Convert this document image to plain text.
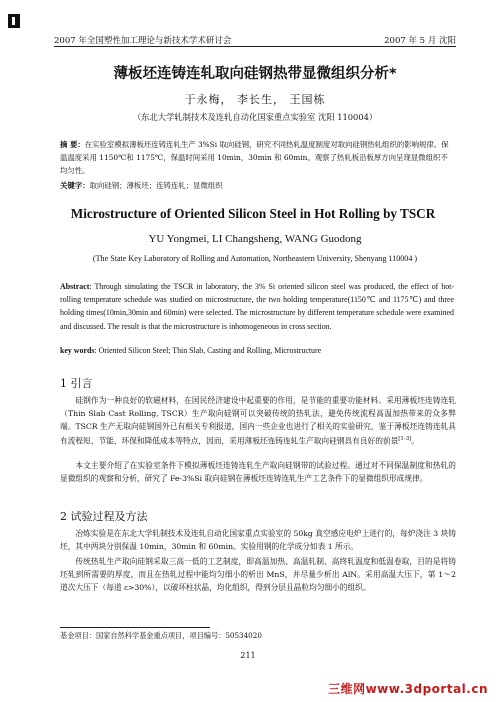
2007 年全国塑性加工理论与新技术学术研讨会	2007 年 5 月 沈阳
薄板坯连铸连轧取向硅钢热带显微组织分析*
于永梅， 李长生， 王国栋
（东北大学轧制技术及连轧自动化国家重点实验室 沈阳 110004）
摘 要：在实验室模拟薄板坯连铸连轧生产 3%Si 取向硅钢，研究不同热轧温度制度对取向硅钢热轧组织的影响规律。保温温度采用 1150℃和 1175℃，保温时间采用 10min，30min 和 60min。观察了热轧板沿板厚方向呈现显微组织不均匀性。
关键字：取向硅钢；薄板坯；连铸连轧；显微组织
Microstructure of Oriented Silicon Steel in Hot Rolling by TSCR
YU Yongmei, LI Changsheng, WANG Guodong
(The State Key Laboratory of Rolling and Automation, Northeastern University, Shenyang 110004 )
Abstract: Through simulating the TSCR in laboratory, the 3% Si oriented silicon steel was produced, the effect of hot-rolling temperature schedule was studied on microstructure, the two holding temperature(1150℃ and 1175℃) and three holding times(10min,30min and 60min) were selected. The microstructure by different temperature schedule were examined and discussed. The result is that the microstructure is inhomogeneous in cross section.
key words: Oriented Silicon Steel; Thin Slab, Casting and Rolling, Microstructure
1 引言
硅钢作为一种良好的软磁材料，在国民经济建设中起重要的作用，是节能的重要功能材料。采用薄板坯连铸连轧（Thin Slab Cast Rolling, TSCR）生产取向硅钢可以突破传统的热轧法，避免传统流程高温加热带来的众多弊端。TSCR 生产无取向硅钢国外已有相关专利报道，国内一些企业也进行了相关的实验研究，鉴于薄板坯连铸连轧具有流程短、节能、环保和降低成本等特点，因而，采用薄板坯连铸连轧生产取向硅钢具有良好的前景[1-3]。
本文主要介绍了在实验室条件下模拟薄板坯连铸连轧生产取向硅钢带的试验过程。通过对不同保温制度和热轧的显微组织的观察和分析，研究了 Fe-3%Si 取向硅钢在薄板坯连铸连轧生产工艺条件下的显微组织形成规律。
2 试验过程及方法
冶炼实验是在东北大学轧制技术及连轧自动化国家重点实验室的 50kg 真空感应电炉上进行的，每炉浇注 3 块铸坯，其中两块分别保温 10min，30min 和 60min。实验用钢的化学成分如表 1 所示。
传统热轧生产取向硅钢采取三高一低的工艺制度，即高温加热、高温轧制、高终轧温度和低温卷取，目的是将铸坯轧到所需要的厚度，而且在热轧过程中能均匀细小的析出 MnS，并尽量少析出 AlN。采用高温大压下，第 1～2 道次大压下（每道 ε>30%），以破坏柱状晶，均化组织，得到分层且晶粒均匀细小的组织。
基金项目：国家自然科学基金重点项目，项目编号：50534020
211
三维网www.3dportal.cn
